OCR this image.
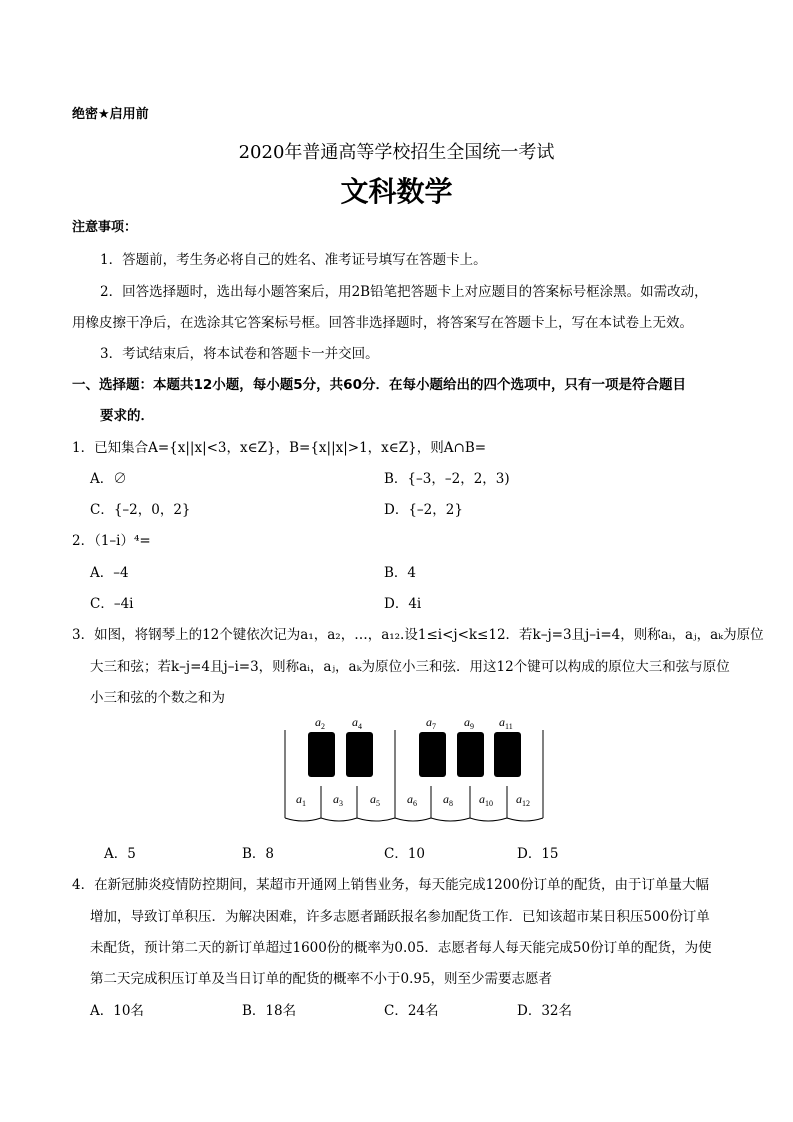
绝密★启用前
2020年普通高等学校招生全国统一考试
文科数学
注意事项：
1．答题前，考生务必将自己的姓名、准考证号填写在答题卡上。
2．回答选择题时，选出每小题答案后，用2B铅笔把答题卡上对应题目的答案标号框涂黑。如需改动，
用橡皮擦干净后，在选涂其它答案标号框。回答非选择题时，将答案写在答题卡上，写在本试卷上无效。
3．考试结束后，将本试卷和答题卡一并交回。
一、选择题：本题共12小题，每小题5分，共60分．在每小题给出的四个选项中，只有一项是符合题目
要求的．
1．已知集合A={x||x|<3，x∈Z}，B={x||x|>1，x∈Z}，则A∩B=
A．∅	B．{–3，–2，2，3)
C．{–2，0，2}	D．{–2，2}
2．（1–i）⁴=
A．–4	B．4
C．–4i	D．4i
3．如图，将钢琴上的12个键依次记为a₁，a₂，…，a₁₂.设1≤i<j<k≤12．若k–j=3且j–i=4，则称aᵢ，aⱼ，aₖ为原位
大三和弦；若k–j=4且j–i=3，则称aᵢ，aⱼ，aₖ为原位小三和弦．用这12个键可以构成的原位大三和弦与原位
小三和弦的个数之和为
$a_2$ $a_4$	$a_7$ $a_9$ $a_{11}$
$a_1$ $a_3$ $a_5$ $a_6$ $a_8$ $a_{10}$ $a_{12}$
A．5	B．8	C．10	D．15
4．在新冠肺炎疫情防控期间，某超市开通网上销售业务，每天能完成1200份订单的配货，由于订单量大幅
增加，导致订单积压．为解决困难，许多志愿者踊跃报名参加配货工作．已知该超市某日积压500份订单
未配货，预计第二天的新订单超过1600份的概率为0.05．志愿者每人每天能完成50份订单的配货，为使
第二天完成积压订单及当日订单的配货的概率不小于0.95，则至少需要志愿者
A．10名	B．18名	C．24名	D．32名
